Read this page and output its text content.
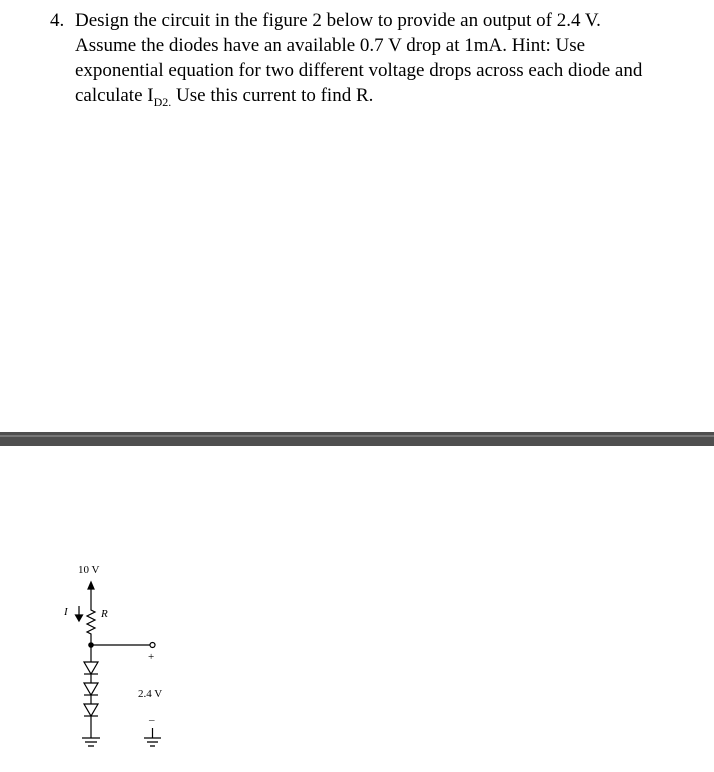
4. Design the circuit in the figure 2 below to provide an output of 2.4 V.
Assume the diodes have an available 0.7 V drop at 1mA. Hint: Use
exponential equation for two different voltage drops across each diode and
calculate $I_{D2.}$ Use this current to find R.
10 V
I	R
+
2.4 V
–
